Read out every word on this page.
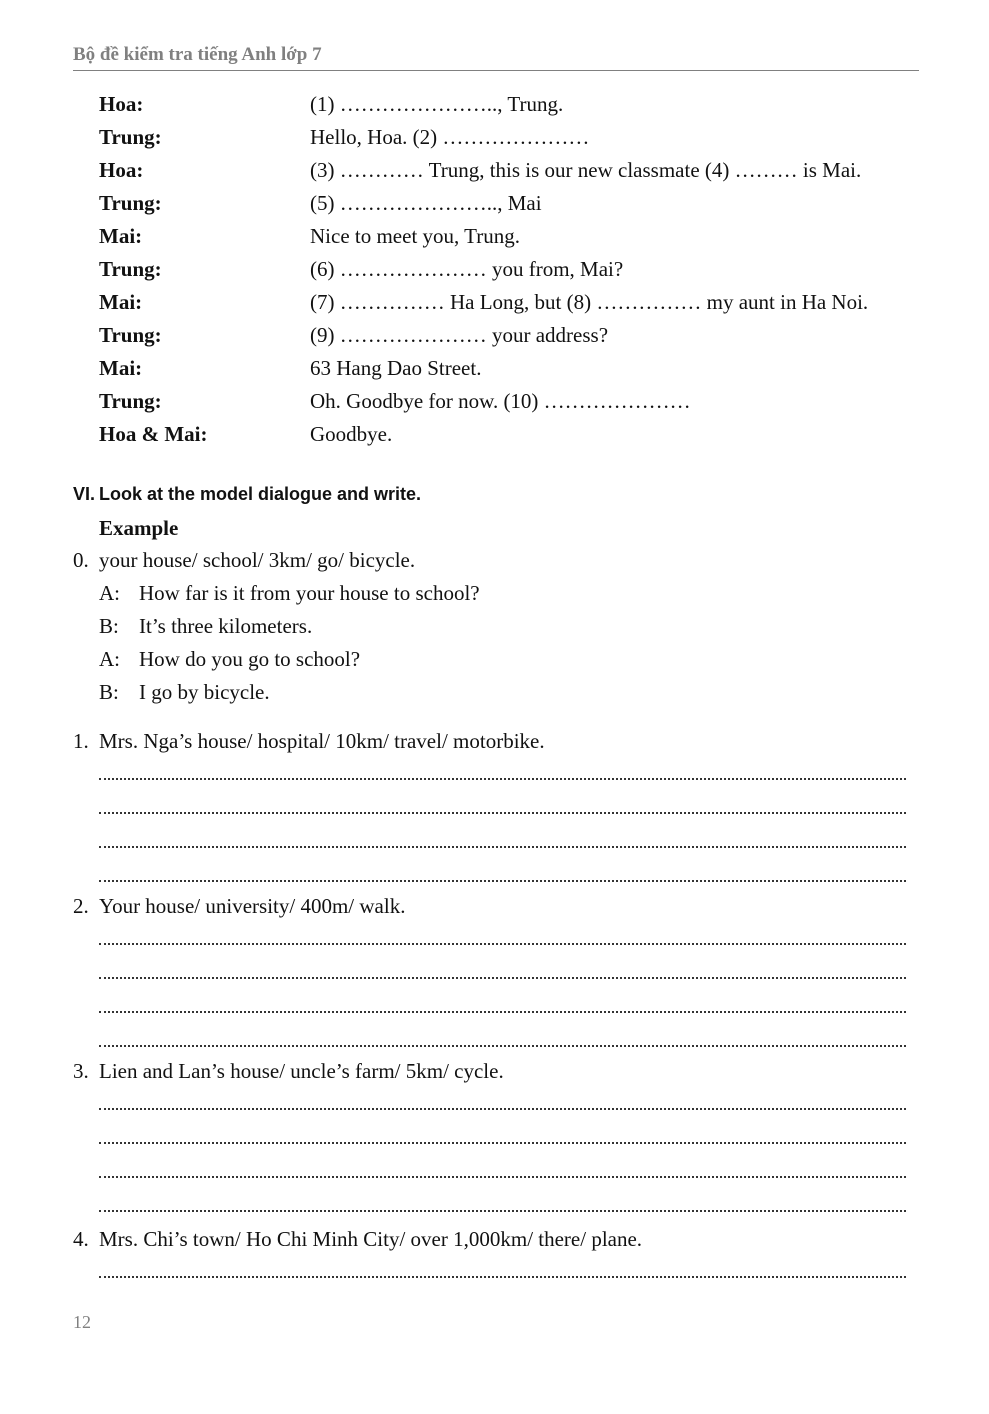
Bộ đề kiểm tra tiếng Anh lớp 7
Hoa:	(1) ………………….., Trung.
Trung:	Hello, Hoa. (2) …………………
Hoa:	(3) ………… Trung, this is our new classmate (4) ……… is Mai.
Trung:	(5) ………………….., Mai
Mai:	Nice to meet you, Trung.
Trung:	(6) ………………… you from, Mai?
Mai:	(7) …………… Ha Long, but (8) …………… my aunt in Ha Noi.
Trung:	(9) ………………… your address?
Mai:	63 Hang Dao Street.
Trung:	Oh. Goodbye for now. (10) …………………
Hoa & Mai:	Goodbye.
VI. Look at the model dialogue and write.
Example
0. your house/ school/ 3km/ go/ bicycle.
A: How far is it from your house to school?
B: It’s three kilometers.
A: How do you go to school?
B: I go by bicycle.
1. Mrs. Nga’s house/ hospital/ 10km/ travel/ motorbike.
2. Your house/ university/ 400m/ walk.
3. Lien and Lan’s house/ uncle’s farm/ 5km/ cycle.
4. Mrs. Chi’s town/ Ho Chi Minh City/ over 1,000km/ there/ plane.
12
